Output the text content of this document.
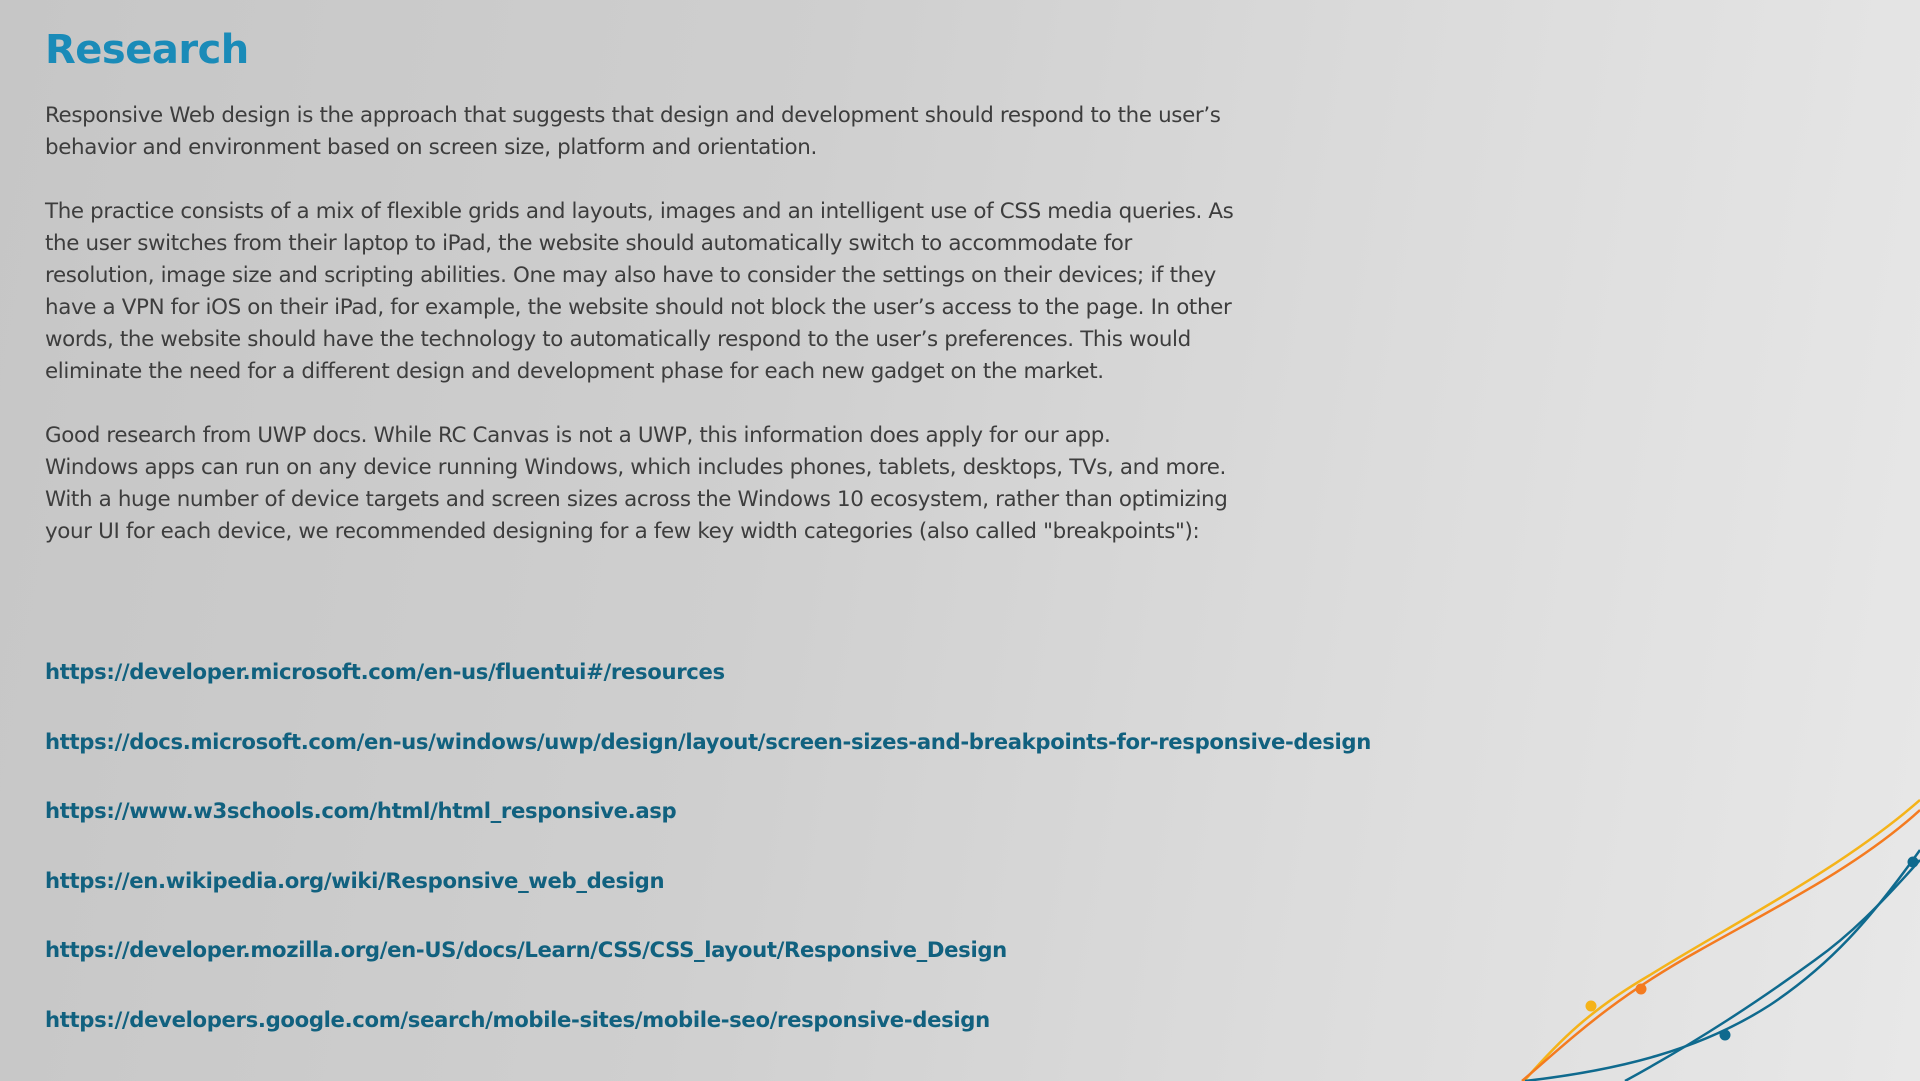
Research

Responsive Web design is the approach that suggests that design and development should respond to the user’s
behavior and environment based on screen size, platform and orientation.

The practice consists of a mix of flexible grids and layouts, images and an intelligent use of CSS media queries. As
the user switches from their laptop to iPad, the website should automatically switch to accommodate for
resolution, image size and scripting abilities. One may also have to consider the settings on their devices; if they
have a VPN for iOS on their iPad, for example, the website should not block the user’s access to the page. In other
words, the website should have the technology to automatically respond to the user’s preferences. This would
eliminate the need for a different design and development phase for each new gadget on the market.

Good research from UWP docs. While RC Canvas is not a UWP, this information does apply for our app.
Windows apps can run on any device running Windows, which includes phones, tablets, desktops, TVs, and more.
With a huge number of device targets and screen sizes across the Windows 10 ecosystem, rather than optimizing
your UI for each device, we recommended designing for a few key width categories (also called "breakpoints"):

https://developer.microsoft.com/en-us/fluentui#/resources
https://docs.microsoft.com/en-us/windows/uwp/design/layout/screen-sizes-and-breakpoints-for-responsive-design
https://www.w3schools.com/html/html_responsive.asp
https://en.wikipedia.org/wiki/Responsive_web_design
https://developer.mozilla.org/en-US/docs/Learn/CSS/CSS_layout/Responsive_Design
https://developers.google.com/search/mobile-sites/mobile-seo/responsive-design
